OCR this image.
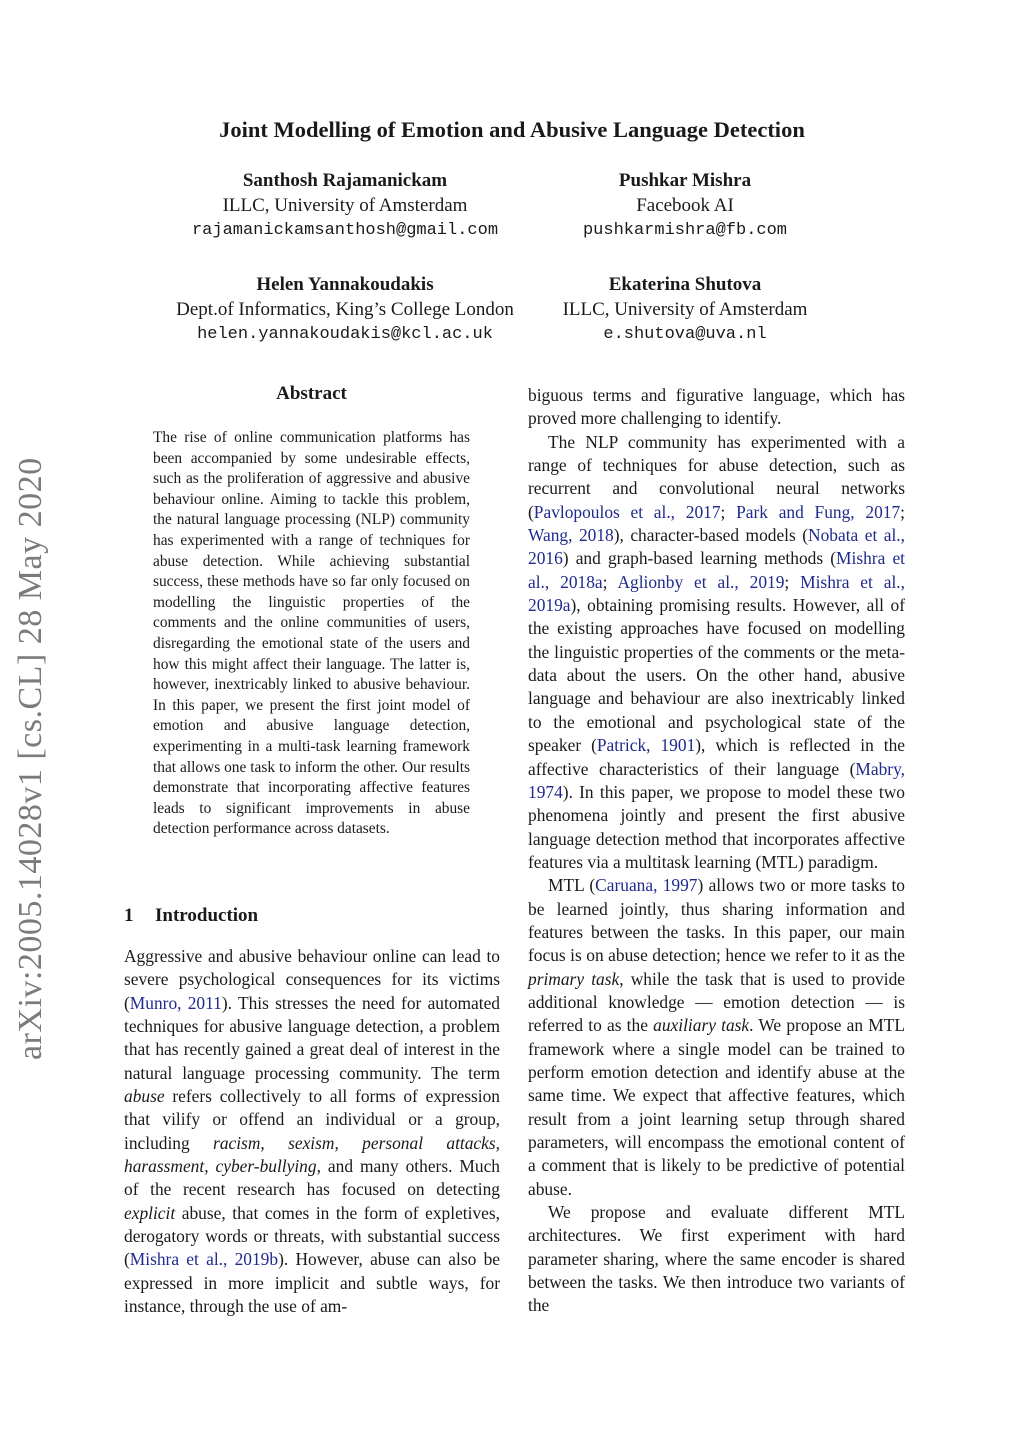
Joint Modelling of Emotion and Abusive Language Detection
Santhosh Rajamanickam
ILLC, University of Amsterdam
rajamanickamsanthosh@gmail.com
Pushkar Mishra
Facebook AI
pushkarmishra@fb.com
Helen Yannakoudakis
Dept.of Informatics, King’s College London
helen.yannakoudakis@kcl.ac.uk
Ekaterina Shutova
ILLC, University of Amsterdam
e.shutova@uva.nl
arXiv:2005.14028v1 [cs.CL] 28 May 2020
Abstract

The rise of online communication platforms has been accompanied by some undesirable effects, such as the proliferation of aggressive and abusive behaviour online. Aiming to tackle this problem, the natural language processing (NLP) community has experimented with a range of techniques for abuse detection. While achieving substantial success, these methods have so far only focused on modelling the linguistic properties of the comments and the online communities of users, disregarding the emotional state of the users and how this might affect their language. The latter is, however, inextricably linked to abusive behaviour. In this paper, we present the first joint model of emotion and abusive language detection, experimenting in a multi-task learning framework that allows one task to inform the other. Our results demonstrate that incorporating affective features leads to significant improvements in abuse detection performance across datasets.

1 Introduction

Aggressive and abusive behaviour online can lead to severe psychological consequences for its victims (Munro, 2011). This stresses the need for automated techniques for abusive language detection, a problem that has recently gained a great deal of interest in the natural language processing community. The term abuse refers collectively to all forms of expression that vilify or offend an individual or a group, including racism, sexism, personal attacks, harassment, cyber-bullying, and many others. Much of the recent research has focused on detecting explicit abuse, that comes in the form of expletives, derogatory words or threats, with substantial success (Mishra et al., 2019b). However, abuse can also be expressed in more implicit and subtle ways, for instance, through the use of am-

biguous terms and figurative language, which has proved more challenging to identify.

The NLP community has experimented with a range of techniques for abuse detection, such as recurrent and convolutional neural networks (Pavlopoulos et al., 2017; Park and Fung, 2017; Wang, 2018), character-based models (Nobata et al., 2016) and graph-based learning methods (Mishra et al., 2018a; Aglionby et al., 2019; Mishra et al., 2019a), obtaining promising results. However, all of the existing approaches have focused on modelling the linguistic properties of the comments or the meta-data about the users. On the other hand, abusive language and behaviour are also inextricably linked to the emotional and psychological state of the speaker (Patrick, 1901), which is reflected in the affective characteristics of their language (Mabry, 1974). In this paper, we propose to model these two phenomena jointly and present the first abusive language detection method that incorporates affective features via a multitask learning (MTL) paradigm.

MTL (Caruana, 1997) allows two or more tasks to be learned jointly, thus sharing information and features between the tasks. In this paper, our main focus is on abuse detection; hence we refer to it as the primary task, while the task that is used to provide additional knowledge — emotion detection — is referred to as the auxiliary task. We propose an MTL framework where a single model can be trained to perform emotion detection and identify abuse at the same time. We expect that affective features, which result from a joint learning setup through shared parameters, will encompass the emotional content of a comment that is likely to be predictive of potential abuse.

We propose and evaluate different MTL architectures. We first experiment with hard parameter sharing, where the same encoder is shared between the tasks. We then introduce two variants of the
